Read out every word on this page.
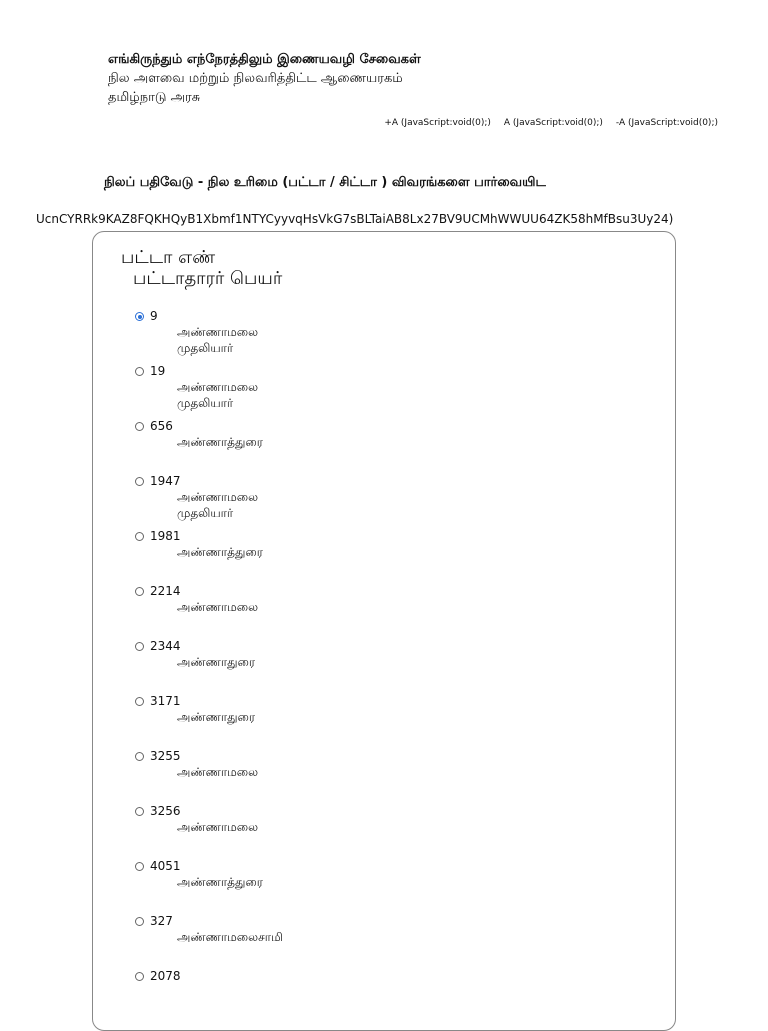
எங்கிருந்தும் எந்நேரத்திலும் இணையவழி சேவைகள்
நில அளவை மற்றும் நிலவரித்திட்ட ஆணையரகம்
தமிழ்நாடு அரசு
+A (JavaScript:void(0);) A (JavaScript:void(0);) -A (JavaScript:void(0);)
நிலப் பதிவேடு - நில உரிமை (பட்டா / சிட்டா ) விவரங்களை பார்வையிட
UcnCYRRk9KAZ8FQKHQyB1Xbmf1NTYCyyvqHsVkG7sBLTaiAB8Lx27BV9UCMhWWUU64ZK58hMfBsu3Uy24)
பட்டா எண்
பட்டாதாரர் பெயர்
9
அண்ணாமலை முதலியார்
19
அண்ணாமலை முதலியார்
656
அண்ணாத்துரை
1947
அண்ணாமலை முதலியார்
1981
அண்ணாத்துரை
2214
அண்ணாமலை
2344
அண்ணாதுரை
3171
அண்ணாதுரை
3255
அண்ணாமலை
3256
அண்ணாமலை
4051
அண்ணாத்துரை
327
அண்ணாமலைசாமி
2078
